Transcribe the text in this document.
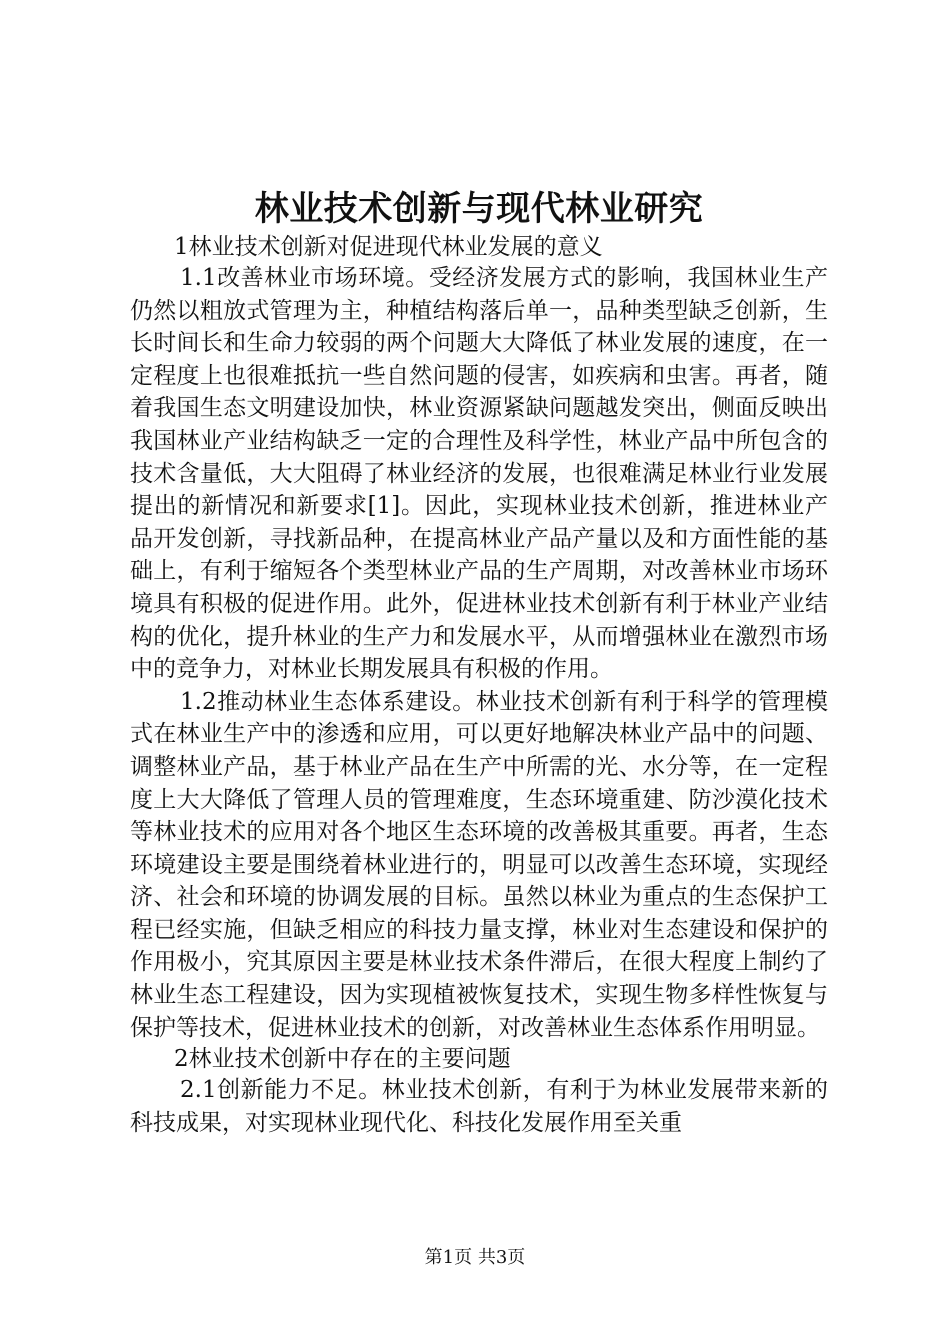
林业技术创新与现代林业研究
1林业技术创新对促进现代林业发展的意义

1.1改善林业市场环境。受经济发展方式的影响，我国林业生产仍然以粗放式管理为主，种植结构落后单一，品种类型缺乏创新，生长时间长和生命力较弱的两个问题大大降低了林业发展的速度，在一定程度上也很难抵抗一些自然问题的侵害，如疾病和虫害。再者，随着我国生态文明建设加快，林业资源紧缺问题越发突出，侧面反映出我国林业产业结构缺乏一定的合理性及科学性，林业产品中所包含的技术含量低，大大阻碍了林业经济的发展，也很难满足林业行业发展提出的新情况和新要求[1]。因此，实现林业技术创新，推进林业产品开发创新，寻找新品种，在提高林业产品产量以及和方面性能的基础上，有利于缩短各个类型林业产品的生产周期，对改善林业市场环境具有积极的促进作用。此外，促进林业技术创新有利于林业产业结构的优化，提升林业的生产力和发展水平，从而增强林业在激烈市场中的竞争力，对林业长期发展具有积极的作用。

1.2推动林业生态体系建设。林业技术创新有利于科学的管理模式在林业生产中的渗透和应用，可以更好地解决林业产品中的问题、调整林业产品，基于林业产品在生产中所需的光、水分等，在一定程度上大大降低了管理人员的管理难度，生态环境重建、防沙漠化技术等林业技术的应用对各个地区生态环境的改善极其重要。再者，生态环境建设主要是围绕着林业进行的，明显可以改善生态环境，实现经济、社会和环境的协调发展的目标。虽然以林业为重点的生态保护工程已经实施，但缺乏相应的科技力量支撑，林业对生态建设和保护的作用极小，究其原因主要是林业技术条件滞后，在很大程度上制约了林业生态工程建设，因为实现植被恢复技术，实现生物多样性恢复与保护等技术，促进林业技术的创新，对改善林业生态体系作用明显。

2林业技术创新中存在的主要问题

2.1创新能力不足。林业技术创新，有利于为林业发展带来新的科技成果，对实现林业现代化、科技化发展作用至关重

第1页 共3页
